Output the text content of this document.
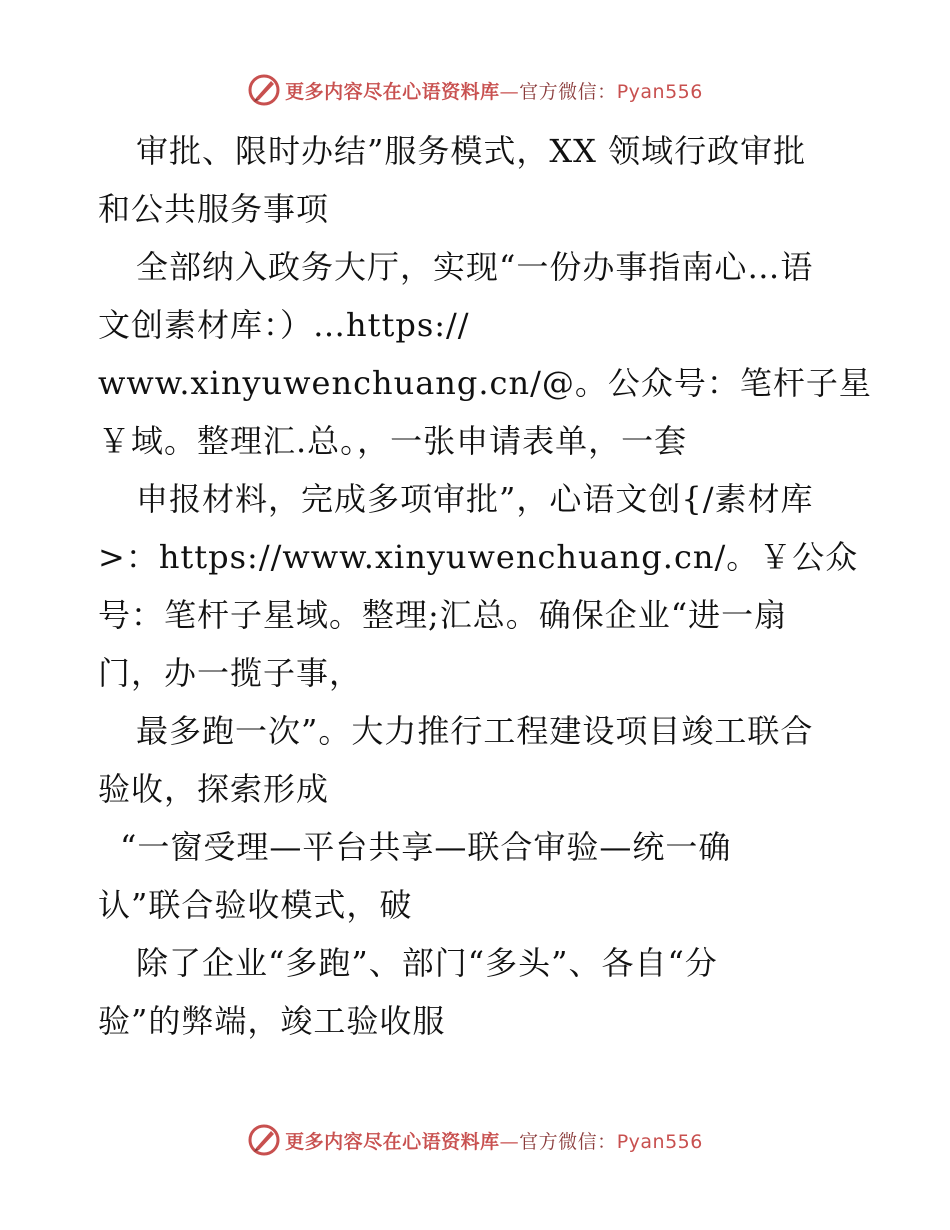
更多内容尽在心语资料库—官方微信：Pyan556
审批、限时办结”服务模式，XX 领域行政审批
和公共服务事项
全部纳入政务大厅，实现“一份办事指南心…语
文创素材库：）…https://
www.xinyuwenchuang.cn/@。公众号：笔杆子星
￥域。整理汇.总。，一张申请表单，一套
申报材料，完成多项审批”，心语文创{/素材库
>：https://www.xinyuwenchuang.cn/。￥公众
号：笔杆子星域。整理;汇总。确保企业“进一扇
门，办一揽子事，
最多跑一次”。大力推行工程建设项目竣工联合
验收，探索形成
“一窗受理—平台共享—联合审验—统一确
认”联合验收模式，破
除了企业“多跑”、部门“多头”、各自“分
验”的弊端，竣工验收服
更多内容尽在心语资料库—官方微信：Pyan556
